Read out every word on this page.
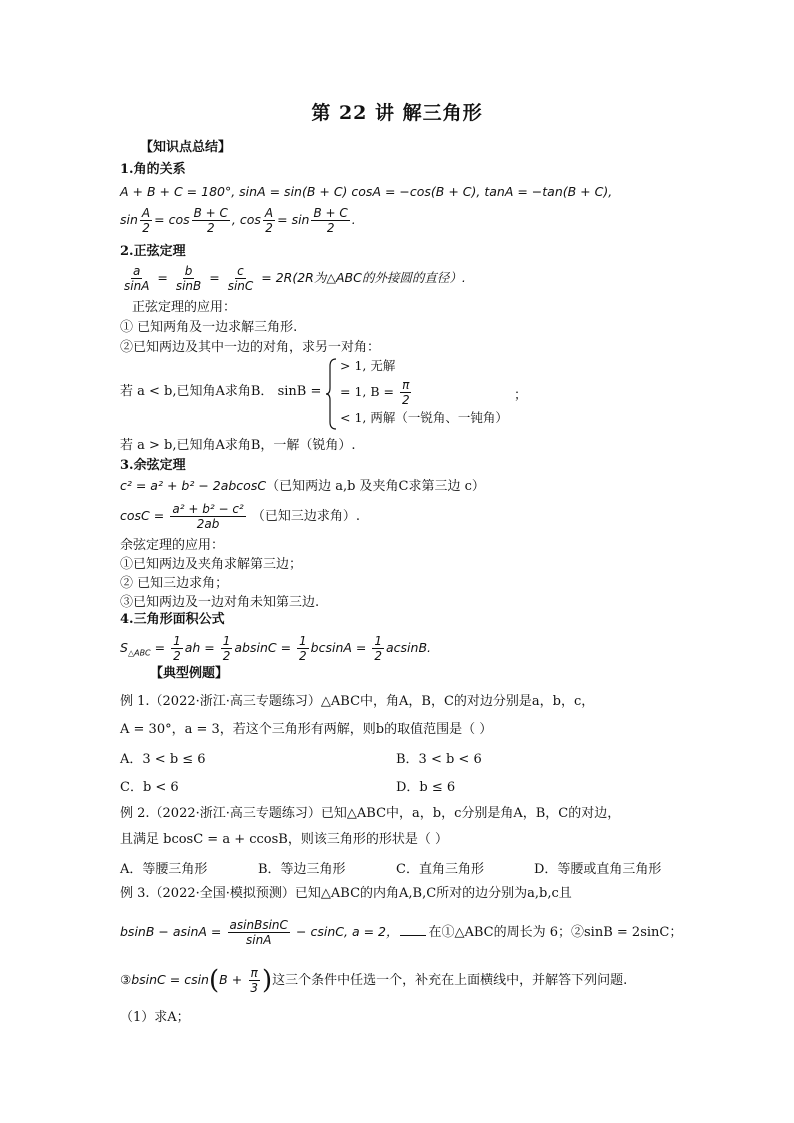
第 22 讲 解三角形
【知识点总结】
1.角的关系
A + B + C = 180°, sinA = sin(B + C) cosA = −cos(B + C), tanA = −tan(B + C),
$\sin \frac{A}{2} = \cos \frac{B + C}{2}$ , $\cos \frac{A}{2} = \sin \frac{B + C}{2}$ .
2.正弦定理
$\frac{a}{\sin A} = \frac{b}{\sin B} = \frac{c}{\sin C} = 2R(2R$为△ABC的外接圆的直径）.
正弦定理的应用：
① 已知两角及一边求解三角形.
②已知两边及其中一边的对角，求另一对角：
若 a < b,已知角A求角B． sinB =
> 1, 无解
= 1, $B = \frac{\pi}{2}$
< 1, 两解（一锐角、一钝角）
；
若 a > b,已知角A求角B，一解（锐角）.
3.余弦定理
c² = a² + b² − 2abcosC（已知两边 a,b 及夹角C求第三边 c）
$\cos C = \frac{\text{a² + b² − c²}}{2ab}$ （已知三边求角）.
余弦定理的应用：
①已知两边及夹角求解第三边；
② 已知三边求角；
③已知两边及一边对角未知第三边.
4.三角形面积公式
$S_{\triangle ABC} = \frac{1}{2}$ ah = $\frac{1}{2}$ $absinC = \frac{1}{2}$ $bcsinA = \frac{1}{2} acsinB$.
【典型例题】
例 1.（2022·浙江·高三专题练习）△ABC中，角A，B，C的对边分别是a，b，c，
A = 30°，a = 3，若这个三角形有两解，则b的取值范围是（ ）
A．3 < b ≤ 6	B．3 < b < 6
C．b < 6	D．b ≤ 6
例 2.（2022·浙江·高三专题练习）已知△ABC中，a，b，c分别是角A，B，C的对边，
且满足 bcosC = a + ccosB，则该三角形的形状是（ ）
A．等腰三角形	B．等边三角形	C．直角三角形	D．等腰或直角三角形
例 3.（2022·全国·模拟预测）已知△ABC的内角A,B,C所对的边分别为a,b,c且
$bsinB - asinA = \frac{\text{asinBsinC}}{\sin A} - csinC$, a = 2， 在①△ABC的周长为 6；②sinB = 2sinC；
③bsinC = $csin(B + \frac{\pi}{3}$ )这三个条件中任选一个，补充在上面横线中，并解答下列问题.
（1）求A；
